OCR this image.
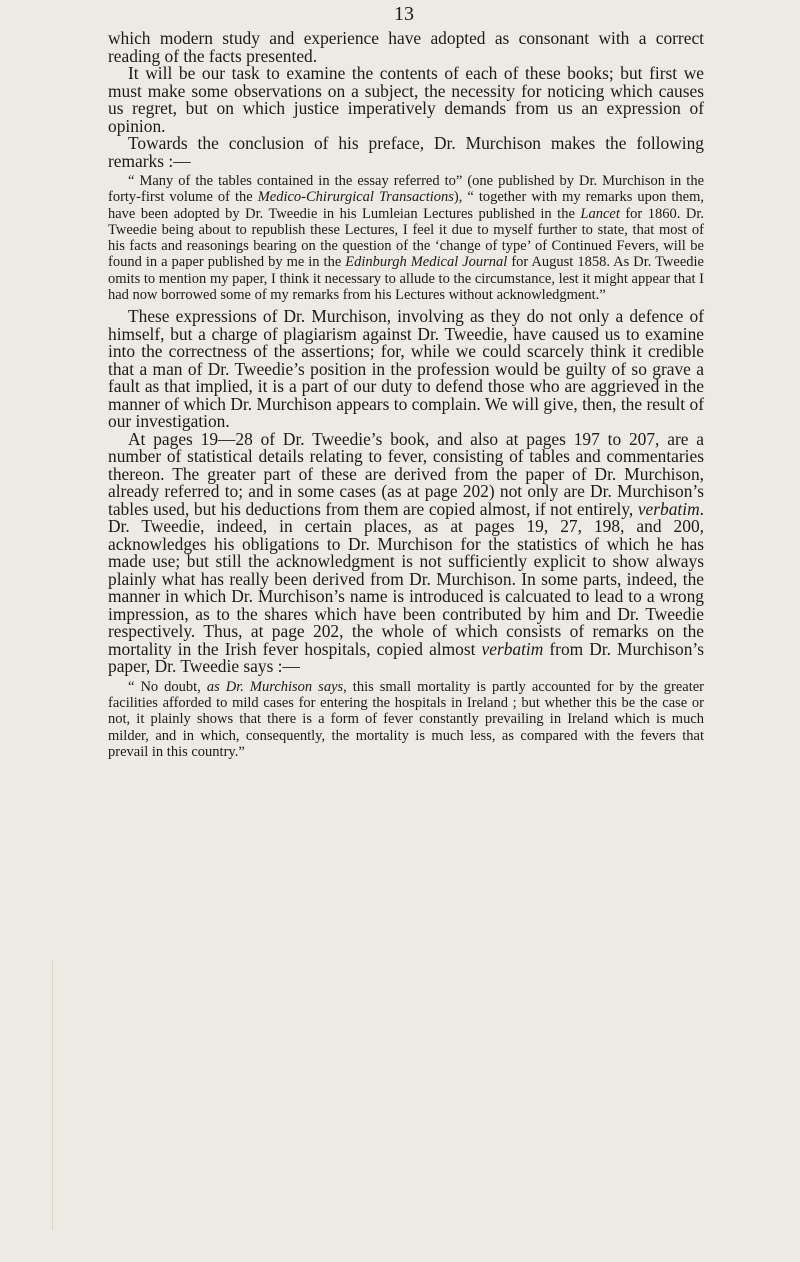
13

which modern study and experience have adopted as consonant with a correct reading of the facts presented.

It will be our task to examine the contents of each of these books; but first we must make some observations on a subject, the necessity for noticing which causes us regret, but on which justice imperatively demands from us an expression of opinion.

Towards the conclusion of his preface, Dr. Murchison makes the following remarks :—

“ Many of the tables contained in the essay referred to” (one published by Dr. Murchison in the forty-first volume of the Medico-Chirurgical Transactions), “ together with my remarks upon them, have been adopted by Dr. Tweedie in his Lumleian Lectures published in the Lancet for 1860. Dr. Tweedie being about to republish these Lectures, I feel it due to myself further to state, that most of his facts and reasonings bearing on the question of the ‘change of type’ of Continued Fevers, will be found in a paper published by me in the Edinburgh Medical Journal for August 1858. As Dr. Tweedie omits to mention my paper, I think it necessary to allude to the circumstance, lest it might appear that I had now borrowed some of my remarks from his Lectures without acknowledgment.”

These expressions of Dr. Murchison, involving as they do not only a defence of himself, but a charge of plagiarism against Dr. Tweedie, have caused us to examine into the correctness of the assertions; for, while we could scarcely think it credible that a man of Dr. Tweedie’s position in the profession would be guilty of so grave a fault as that implied, it is a part of our duty to defend those who are aggrieved in the manner of which Dr. Murchison appears to complain. We will give, then, the result of our investigation.

At pages 19—28 of Dr. Tweedie’s book, and also at pages 197 to 207, are a number of statistical details relating to fever, consisting of tables and commentaries thereon. The greater part of these are derived from the paper of Dr. Murchison, already referred to; and in some cases (as at page 202) not only are Dr. Murchison’s tables used, but his deductions from them are copied almost, if not entirely, verbatim. Dr. Tweedie, indeed, in certain places, as at pages 19, 27, 198, and 200, acknowledges his obligations to Dr. Murchison for the statistics of which he has made use; but still the acknowledgment is not sufficiently explicit to show always plainly what has really been derived from Dr. Murchison. In some parts, indeed, the manner in which Dr. Murchison’s name is introduced is calcuated to lead to a wrong impression, as to the shares which have been contributed by him and Dr. Tweedie respectively. Thus, at page 202, the whole of which consists of remarks on the mortality in the Irish fever hospitals, copied almost verbatim from Dr. Murchison’s paper, Dr. Tweedie says :—

“ No doubt, as Dr. Murchison says, this small mortality is partly accounted for by the greater facilities afforded to mild cases for entering the hospitals in Ireland ; but whether this be the case or not, it plainly shows that there is a form of fever constantly prevailing in Ireland which is much milder, and in which, consequently, the mortality is much less, as compared with the fevers that prevail in this country.”
